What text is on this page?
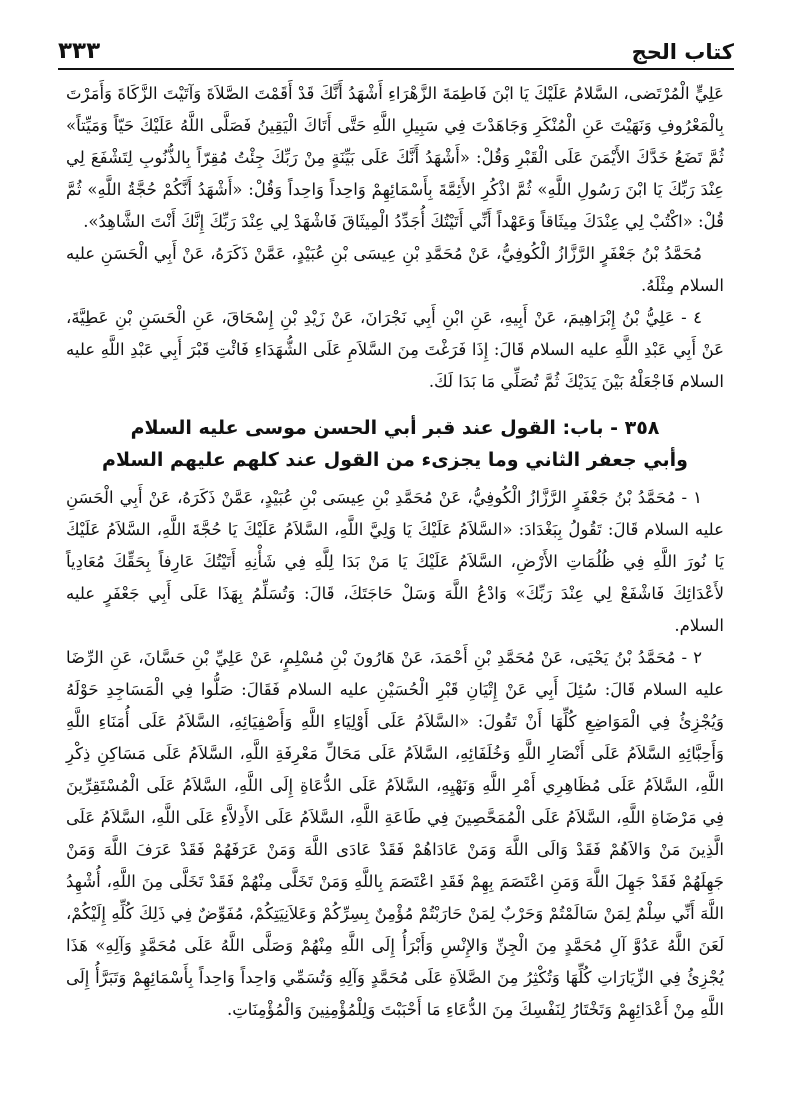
٣٣٣	كتاب الحج

عَلِيٍّ الْمُرْتَضى، السَّلامُ عَلَيْكَ يَا ابْنَ فَاطِمَةَ الزَّهْرَاءِ أَشْهَدُ أَنَّكَ قَدْ أَقَمْتَ الصَّلاَةَ وَآتَيْتَ الزَّكَاةَ وَأَمَرْتَ بِالْمَعْرُوفِ وَنَهَيْتَ عَنِ الْمُنْكَرِ وَجَاهَدْتَ فِي سَبِيلِ اللَّهِ حَتَّى أَتَاكَ الْيَقِينُ فَصَلَّى اللَّهُ عَلَيْكَ حَيّاً وَمَيِّتاً» ثُمَّ تَضَعُ خَدَّكَ الأَيْمَنَ عَلَى الْقَبْرِ وَقُلْ: «أَشْهَدُ أَنَّكَ عَلَى بَيِّنَةٍ مِنْ رَبِّكَ جِئْتُ مُقِرّاً بِالذُّنُوبِ لِتَشْفَعَ لِي عِنْدَ رَبِّكَ يَا ابْنَ رَسُولِ اللَّهِ» ثُمَّ اذْكُرِ الأَئِمَّةَ بِأَسْمَائِهِمْ وَاحِداً وَاحِداً وَقُلْ: «أَشْهَدُ أَنَّكُمْ حُجَّةُ اللَّهِ» ثُمَّ قُلْ: «اكْتُبْ لِي عِنْدَكَ مِيثَاقاً وَعَهْداً أَنِّي أَتَيْتُكَ أُجَدِّدُ الْمِيثَاقَ فَاشْهَدْ لِي عِنْدَ رَبِّكَ إِنَّكَ أَنْتَ الشَّاهِدُ».

مُحَمَّدُ بْنُ جَعْفَرٍ الرَّزَّازُ الْكُوفِيُّ، عَنْ مُحَمَّدِ بْنِ عِيسَى بْنِ عُبَيْدٍ، عَمَّنْ ذَكَرَهُ، عَنْ أَبِي الْحَسَنِ عليه السلام مِثْلَهُ.

٤ - عَلِيُّ بْنُ إِبْرَاهِيمَ، عَنْ أَبِيهِ، عَنِ ابْنِ أَبِي نَجْرَانَ، عَنْ زَيْدِ بْنِ إِسْحَاقَ، عَنِ الْحَسَنِ بْنِ عَطِيَّةَ، عَنْ أَبِي عَبْدِ اللَّهِ عليه السلام قَالَ: إِذَا فَرَغْتَ مِنَ السَّلاَمِ عَلَى الشُّهَدَاءِ فَائْتِ قَبْرَ أَبِي عَبْدِ اللَّهِ عليه السلام فَاجْعَلْهُ بَيْنَ يَدَيْكَ ثُمَّ تُصَلِّي مَا بَدَا لَكَ.

٣٥٨ - باب: القول عند قبر أبي الحسن موسى عليه السلام
وأبي جعفر الثاني وما يجزىء من القول عند كلهم عليهم السلام

١ - مُحَمَّدُ بْنُ جَعْفَرٍ الرَّزَّازُ الْكُوفِيُّ، عَنْ مُحَمَّدِ بْنِ عِيسَى بْنِ عُبَيْدٍ، عَمَّنْ ذَكَرَهُ، عَنْ أَبِي الْحَسَنِ عليه السلام قَالَ: تَقُولُ بِبَغْدَادَ: «السَّلاَمُ عَلَيْكَ يَا وَلِيَّ اللَّهِ، السَّلاَمُ عَلَيْكَ يَا حُجَّةَ اللَّهِ، السَّلاَمُ عَلَيْكَ يَا نُورَ اللَّهِ فِي ظُلُمَاتِ الأَرْضِ، السَّلاَمُ عَلَيْكَ يَا مَنْ بَدَا لِلَّهِ فِي شَأْنِهِ أَتَيْتُكَ عَارِفاً بِحَقِّكَ مُعَادِياً لأَعْدَائِكَ فَاشْفَعْ لِي عِنْدَ رَبِّكَ» وَادْعُ اللَّهَ وَسَلْ حَاجَتَكَ، قَالَ: وَتُسَلِّمُ بِهَذَا عَلَى أَبِي جَعْفَرٍ عليه السلام.

٢ - مُحَمَّدُ بْنُ يَحْيَى، عَنْ مُحَمَّدِ بْنِ أَحْمَدَ، عَنْ هَارُونَ بْنِ مُسْلِمٍ، عَنْ عَلِيِّ بْنِ حَسَّانَ، عَنِ الرِّضَا عليه السلام قَالَ: سُئِلَ أَبِي عَنْ إِتْيَانِ قَبْرِ الْحُسَيْنِ عليه السلام فَقَالَ: صَلُّوا فِي الْمَسَاجِدِ حَوْلَهُ وَيُجْزِئُ فِي الْمَوَاضِعِ كُلِّهَا أَنْ تَقُولَ: «السَّلاَمُ عَلَى أَوْلِيَاءِ اللَّهِ وَأَصْفِيَائِهِ، السَّلاَمُ عَلَى أُمَنَاءِ اللَّهِ وَأَحِبَّائِهِ السَّلاَمُ عَلَى أَنْصَارِ اللَّهِ وَخُلَفَائِهِ، السَّلاَمُ عَلَى مَحَالِّ مَعْرِفَةِ اللَّهِ، السَّلاَمُ عَلَى مَسَاكِنِ ذِكْرِ اللَّهِ، السَّلاَمُ عَلَى مُظَاهِرِي أَمْرِ اللَّهِ وَنَهْيِهِ، السَّلاَمُ عَلَى الدُّعَاةِ إِلَى اللَّهِ، السَّلاَمُ عَلَى الْمُسْتَقِرِّينَ فِي مَرْضَاةِ اللَّهِ، السَّلاَمُ عَلَى الْمُمَحَّصِينَ فِي طَاعَةِ اللَّهِ، السَّلاَمُ عَلَى الأَدِلاَّءِ عَلَى اللَّهِ، السَّلاَمُ عَلَى الَّذِينَ مَنْ وَالاَهُمْ فَقَدْ وَالَى اللَّهَ وَمَنْ عَادَاهُمْ فَقَدْ عَادَى اللَّهَ وَمَنْ عَرَفَهُمْ فَقَدْ عَرَفَ اللَّهَ وَمَنْ جَهِلَهُمْ فَقَدْ جَهِلَ اللَّهَ وَمَنِ اعْتَصَمَ بِهِمْ فَقَدِ اعْتَصَمَ بِاللَّهِ وَمَنْ تَخَلَّى مِنْهُمْ فَقَدْ تَخَلَّى مِنَ اللَّهِ، أُشْهِدُ اللَّهَ أَنِّي سِلْمٌ لِمَنْ سَالَمْتُمْ وَحَرْبٌ لِمَنْ حَارَبْتُمْ مُؤْمِنٌ بِسِرِّكُمْ وَعَلاَنِيَتِكُمْ، مُفَوِّضٌ فِي ذَلِكَ كُلِّهِ إِلَيْكُمْ، لَعَنَ اللَّهُ عَدُوَّ آلِ مُحَمَّدٍ مِنَ الْجِنِّ وَالإِنْسِ وَأَبْرَأُ إِلَى اللَّهِ مِنْهُمْ وَصَلَّى اللَّهُ عَلَى مُحَمَّدٍ وَآلِهِ» هَذَا يُجْزِئُ فِي الزِّيَارَاتِ كُلِّهَا وَتُكْثِرُ مِنَ الصَّلاَةِ عَلَى مُحَمَّدٍ وَآلِهِ وَتُسَمِّي وَاحِداً وَاحِداً بِأَسْمَائِهِمْ وَتَبَرَّأُ إِلَى اللَّهِ مِنْ أَعْدَائِهِمْ وَتَخْتَارُ لِنَفْسِكَ مِنَ الدُّعَاءِ مَا أَحْبَبْتَ وَلِلْمُؤْمِنِينَ وَالْمُؤْمِنَاتِ.
